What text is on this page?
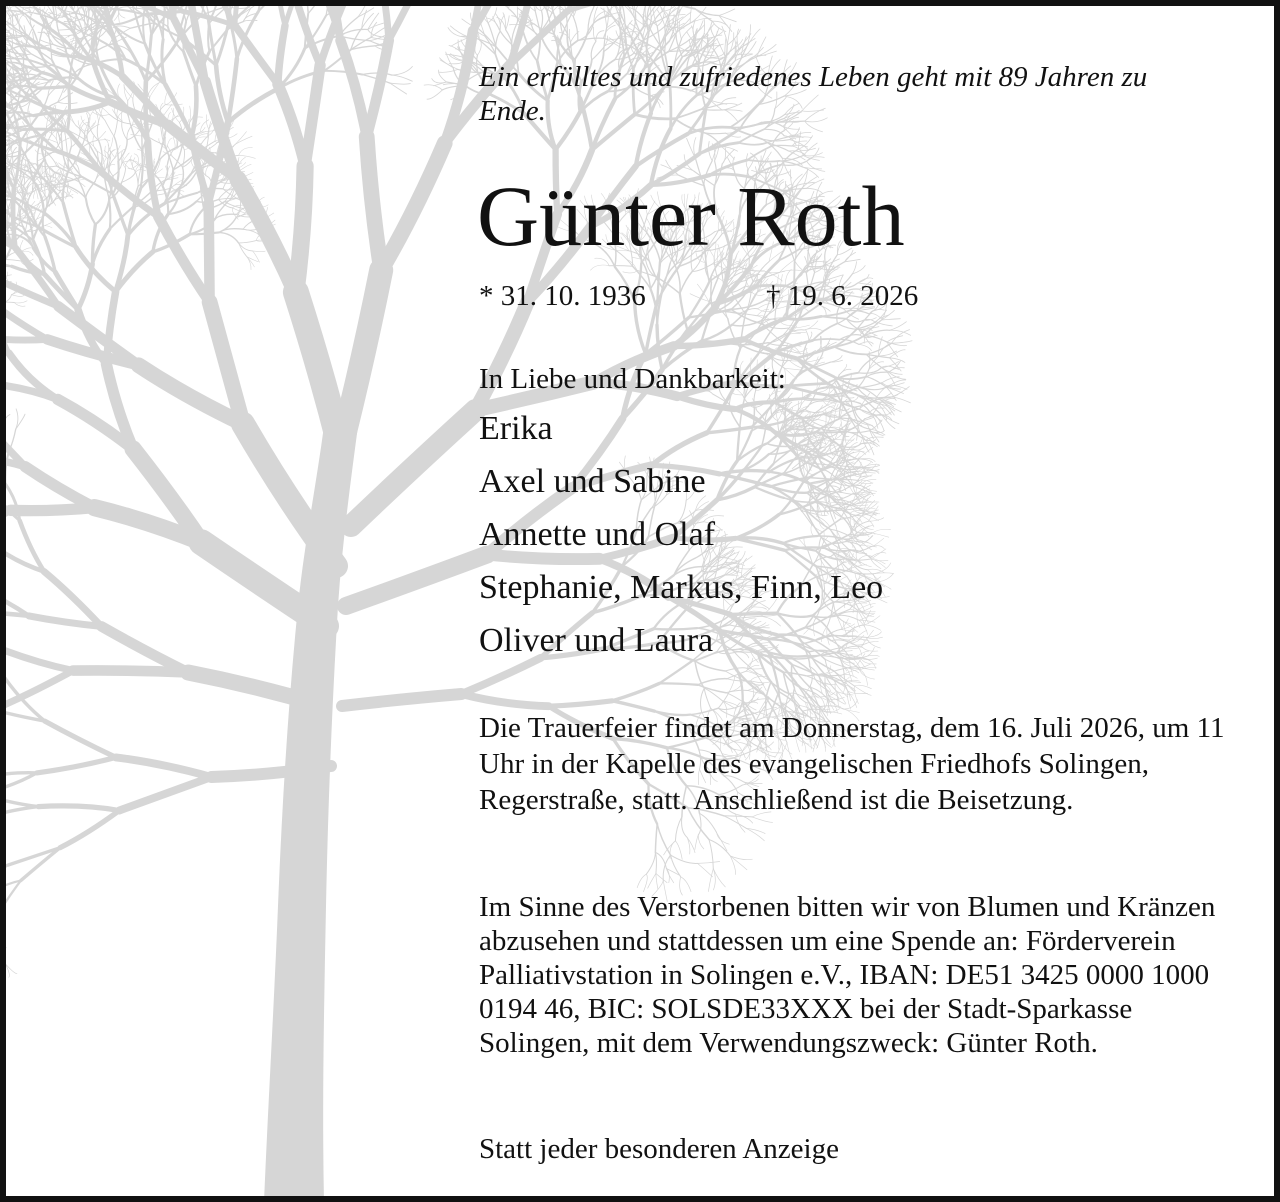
Ein erfülltes und zufriedenes Leben geht mit 89 Jahren zu Ende.
Günter Roth
* 31. 10. 1936	† 19. 6. 2026
In Liebe und Dankbarkeit:
Erika
Axel und Sabine
Annette und Olaf
Stephanie, Markus, Finn, Leo
Oliver und Laura
Die Trauerfeier findet am Donnerstag, dem 16. Juli 2026, um 11 Uhr in der Kapelle des evangelischen Friedhofs Solingen, Regerstraße, statt. Anschließend ist die Beisetzung.
Im Sinne des Verstorbenen bitten wir von Blumen und Kränzen abzusehen und stattdessen um eine Spende an: Förderverein Palliativstation in Solingen e.V., IBAN: DE51 3425 0000 1000 0194 46, BIC: SOLSDE33XXX bei der Stadt-Sparkasse Solingen, mit dem Verwendungszweck: Günter Roth.
Statt jeder besonderen Anzeige
